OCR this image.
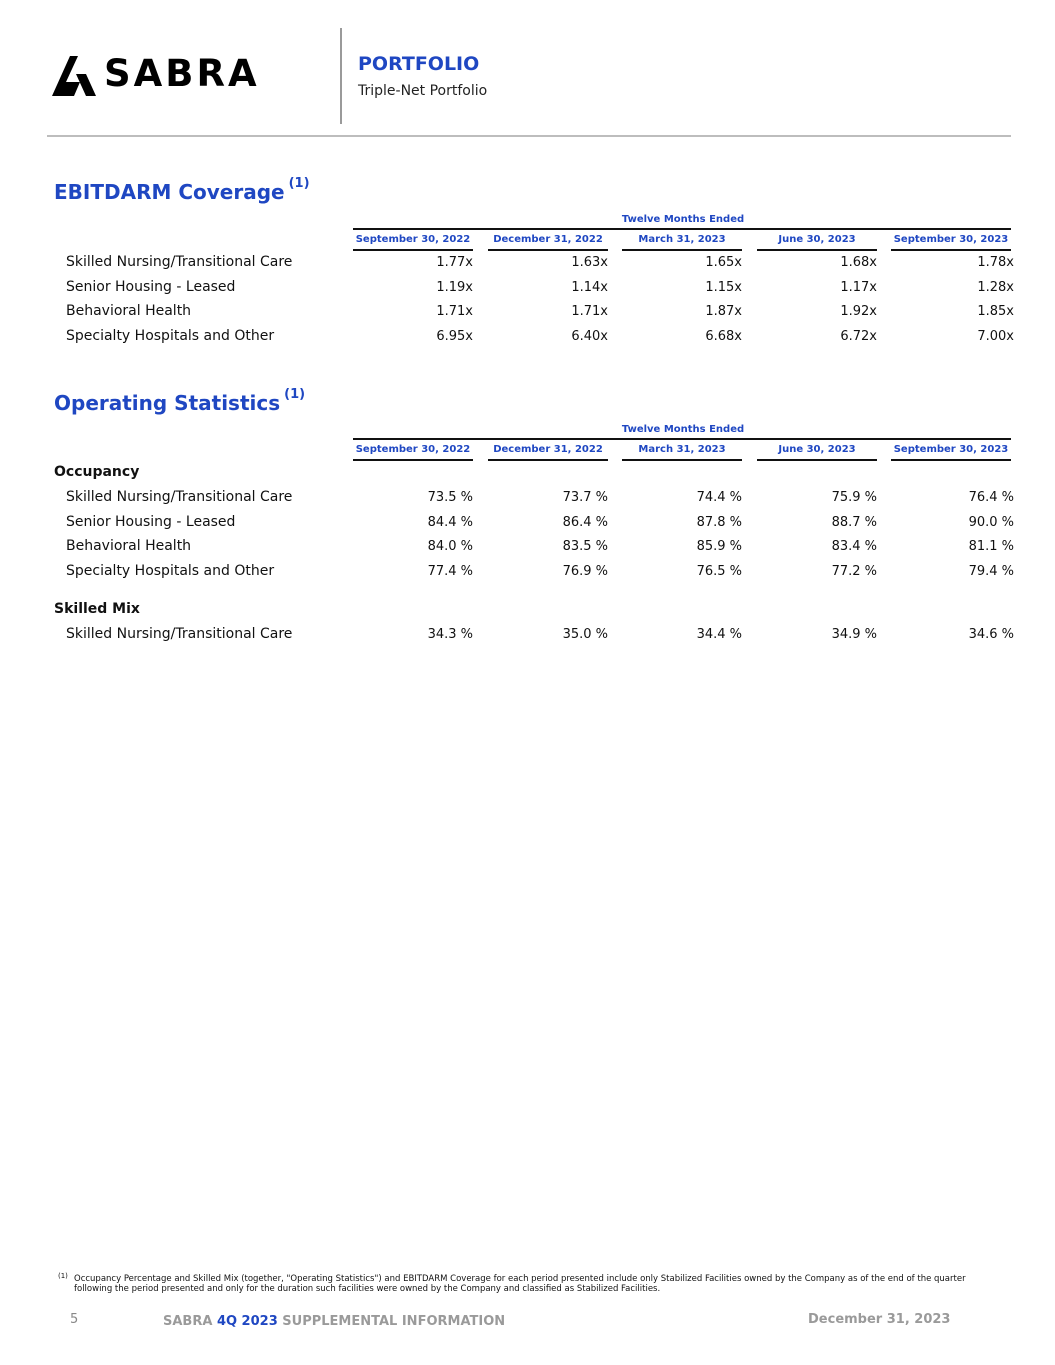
SABRA	PORTFOLIO
Triple-Net Portfolio
EBITDARM Coverage $^{(1)}$
Twelve Months Ended
September 30, 2022	December 31, 2022	March 31, 2023	June 30, 2023	September 30, 2023
Skilled Nursing/Transitional Care	1.77x	1.63x	1.65x	1.68x	1.78x
Senior Housing - Leased	1.19x	1.14x	1.15x	1.17x	1.28x
Behavioral Health	1.71x	1.71x	1.87x	1.92x	1.85x
Specialty Hospitals and Other	6.95x	6.40x	6.68x	6.72x	7.00x
Operating Statistics $^{(1)}$
Twelve Months Ended
September 30, 2022	December 31, 2022	March 31, 2023	June 30, 2023	September 30, 2023
Occupancy
Skilled Nursing/Transitional Care	73.5 %	73.7 %	74.4 %	75.9 %	76.4 %
Senior Housing - Leased	84.4 %	86.4 %	87.8 %	88.7 %	90.0 %
Behavioral Health	84.0 %	83.5 %	85.9 %	83.4 %	81.1 %
Specialty Hospitals and Other	77.4 %	76.9 %	76.5 %	77.2 %	79.4 %
Skilled Mix
Skilled Nursing/Transitional Care	34.3 %	35.0 %	34.4 %	34.9 %	34.6 %
(1) Occupancy Percentage and Skilled Mix (together, "Operating Statistics") and EBITDARM Coverage for each period presented include only Stabilized Facilities owned by the Company as of the end of the quarter following the period presented and only for the duration such facilities were owned by the Company and classified as Stabilized Facilities.
5	SABRA 4Q 2023 SUPPLEMENTAL INFORMATION	December 31, 2023
